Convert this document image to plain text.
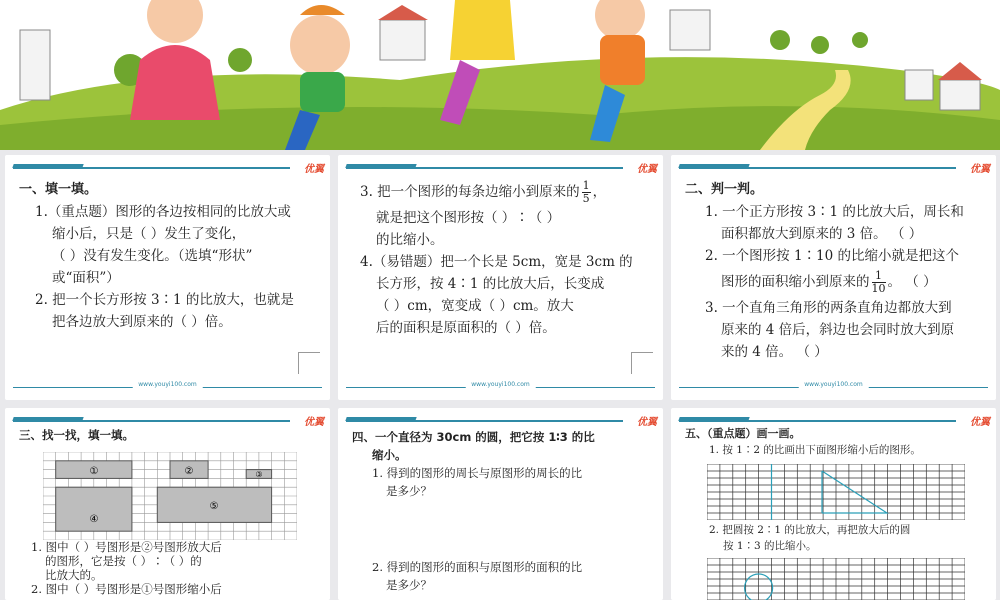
优翼
一、填一填。
1.（重点题）图形的各边按相同的比放大或
缩小后，只是（ ）发生了变化，
（ ）没有发生变化。（选填“形状”
或“面积”）
2. 把一个长方形按 3∶1 的比放大，也就是
把各边放大到原来的（ ）倍。
www.youyi100.com
优翼
3. 把一个图形的每条边缩小到原来的 $\frac{1}{5}$ ，
就是把这个图形按（ ）∶（ ）
的比缩小。
4.（易错题）把一个长是 5cm，宽是 3cm 的
长方形，按 4∶1 的比放大后，长变成
（ ）cm，宽变成（ ）cm。放大
后的面积是原面积的（ ）倍。
www.youyi100.com
优翼
二、判一判。
1. 一个正方形按 3∶1 的比放大后，周长和
面积都放大到原来的 3 倍。 （ ）
2. 一个图形按 1∶10 的比缩小就是把这个
图形的面积缩小到原来的 $\frac{1}{10}$ 。 （ ）
3. 一个直角三角形的两条直角边都放大到
原来的 4 倍后，斜边也会同时放大到原
来的 4 倍。 （ ）
www.youyi100.com
优翼
三、找一找，填一填。
①	②	③
④
⑤
1. 图中（ ）号图形是②号图形放大后
的图形，它是按（ ）∶（ ）的
比放大的。
2. 图中（ ）号图形是①号图形缩小后
优翼
四、一个直径为 30cm 的圆，把它按 1∶3 的比
缩小。
1. 得到的图形的周长与原图形的周长的比
是多少？
2. 得到的图形的面积与原图形的面积的比
是多少？
优翼
五、（重点题）画一画。
1. 按 1∶2 的比画出下面图形缩小后的图形。
2. 把圆按 2∶1 的比放大，再把放大后的圆
按 1∶3 的比缩小。
